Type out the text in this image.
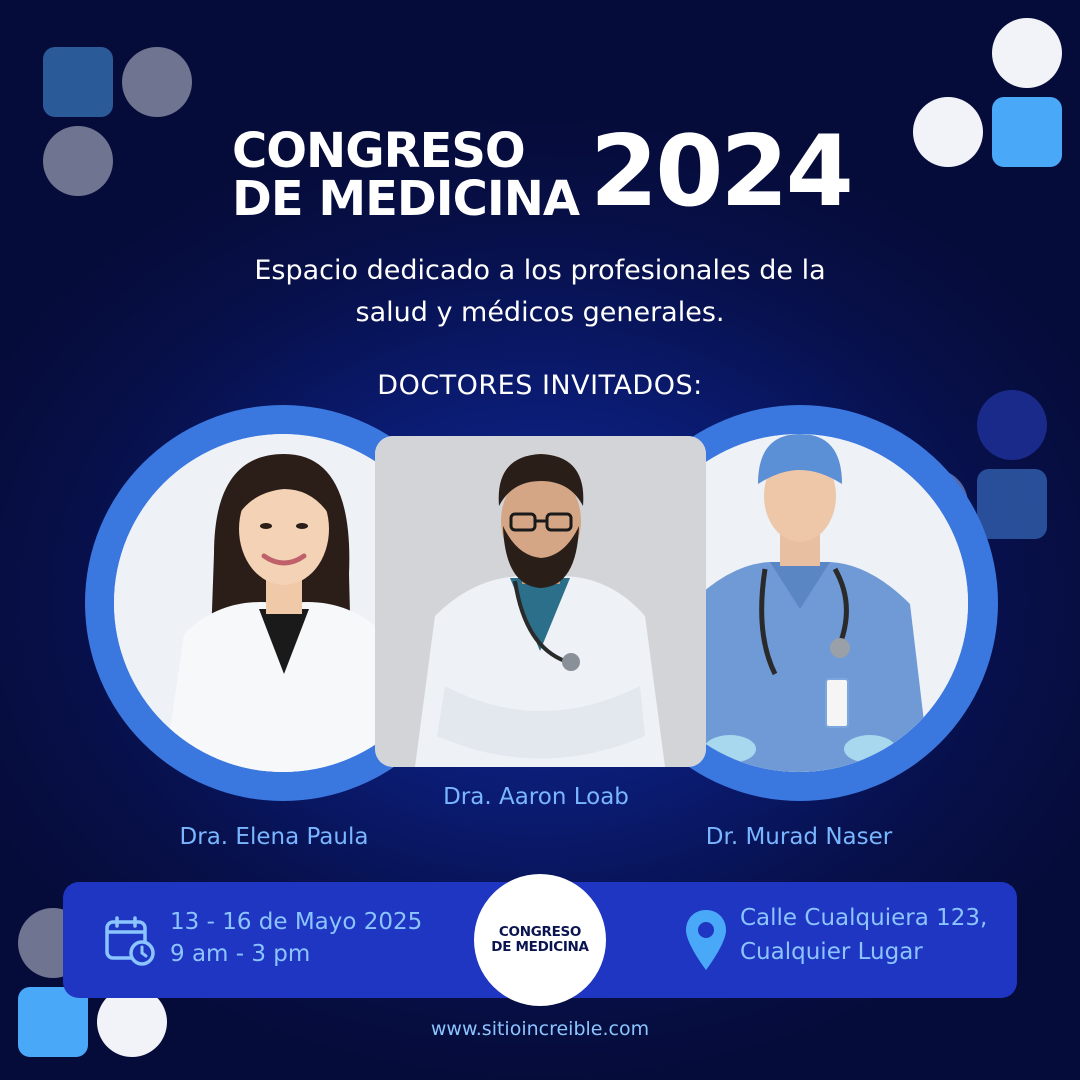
CONGRESO
DE MEDICINA 2024
Espacio dedicado a los profesionales de la
salud y médicos generales.
DOCTORES INVITADOS:
Dra. Elena Paula
Dra. Aaron Loab
Dr. Murad Naser
13 - 16 de Mayo 2025
9 am - 3 pm
CONGRESO
DE MEDICINA
Calle Cualquiera 123,
Cualquier Lugar
www.sitioincreible.com
